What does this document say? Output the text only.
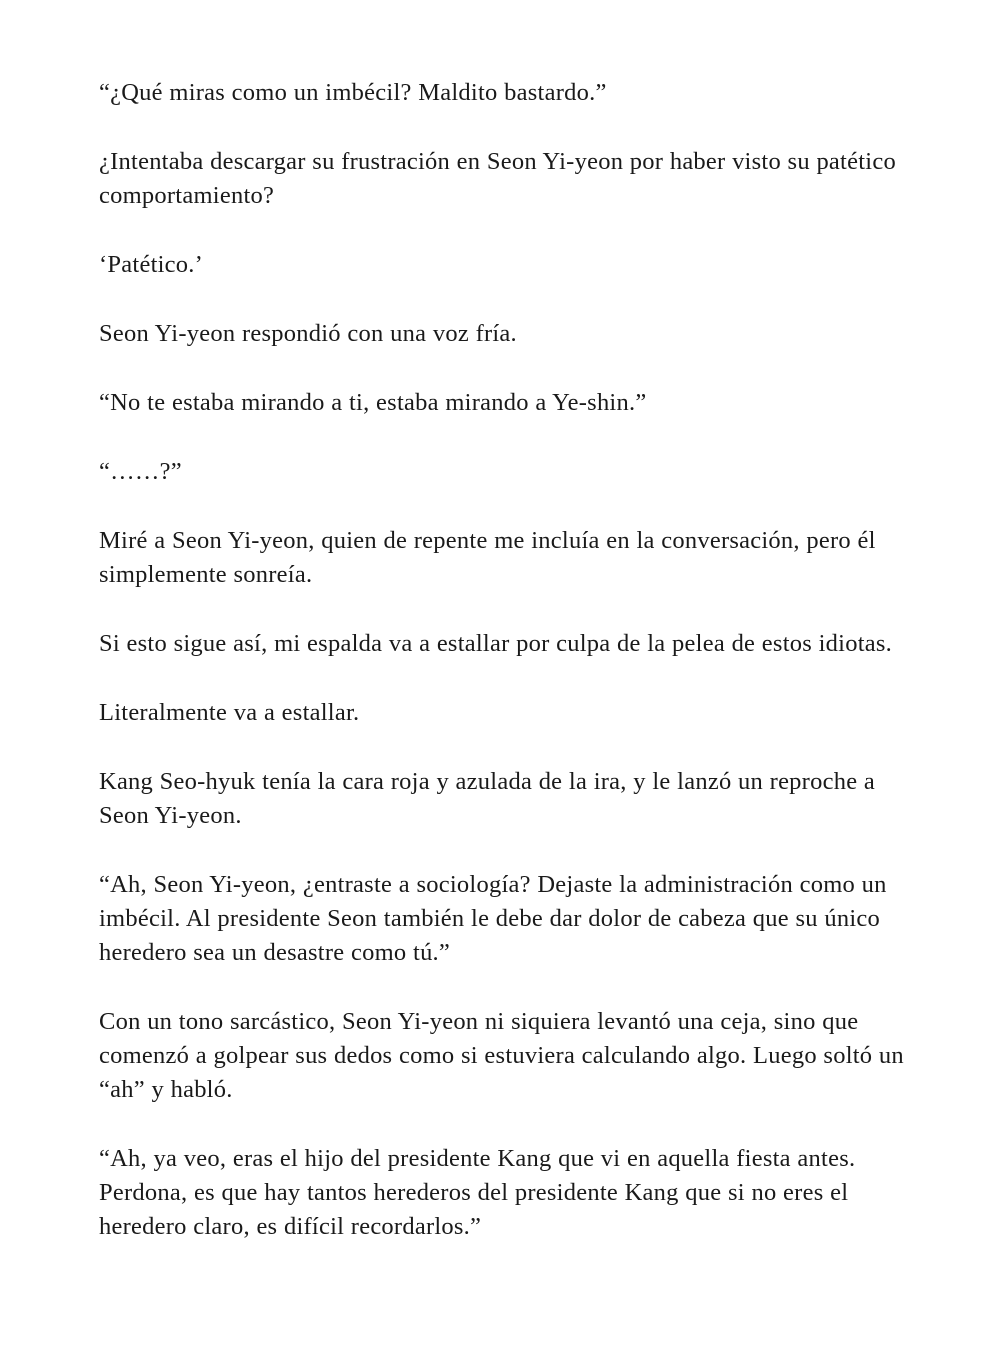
“¿Qué miras como un imbécil? Maldito bastardo.”

¿Intentaba descargar su frustración en Seon Yi-yeon por haber visto su patético comportamiento?

‘Patético.’

Seon Yi-yeon respondió con una voz fría.

“No te estaba mirando a ti, estaba mirando a Ye-shin.”

“……?”

Miré a Seon Yi-yeon, quien de repente me incluía en la conversación, pero él simplemente sonreía.

Si esto sigue así, mi espalda va a estallar por culpa de la pelea de estos idiotas.

Literalmente va a estallar.

Kang Seo-hyuk tenía la cara roja y azulada de la ira, y le lanzó un reproche a Seon Yi-yeon.

“Ah, Seon Yi-yeon, ¿entraste a sociología? Dejaste la administración como un imbécil. Al presidente Seon también le debe dar dolor de cabeza que su único heredero sea un desastre como tú.”

Con un tono sarcástico, Seon Yi-yeon ni siquiera levantó una ceja, sino que comenzó a golpear sus dedos como si estuviera calculando algo. Luego soltó un “ah” y habló.

“Ah, ya veo, eras el hijo del presidente Kang que vi en aquella fiesta antes. Perdona, es que hay tantos herederos del presidente Kang que si no eres el heredero claro, es difícil recordarlos.”
